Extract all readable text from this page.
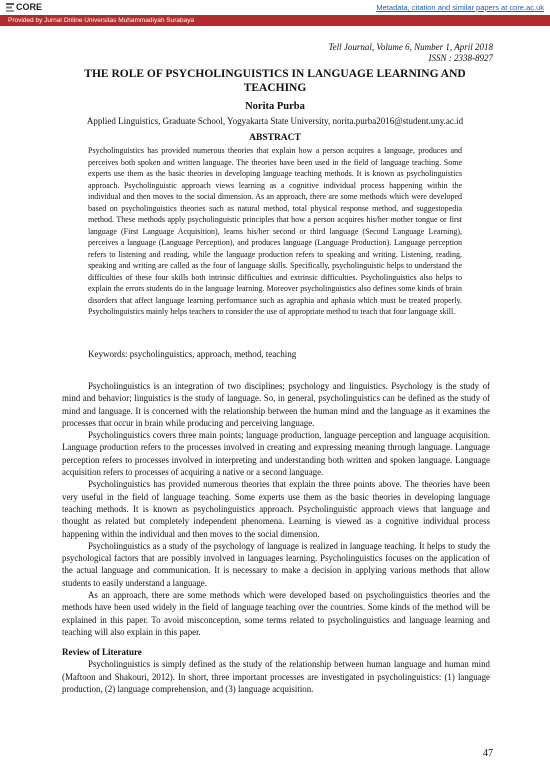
CORE	Metadata, citation and similar papers at core.ac.uk
Provided by Jurnal Online Universitas Muhammadiyah Surabaya
Tell Journal, Volume 6, Number 1, April 2018
ISSN : 2338-8927
THE ROLE OF PSYCHOLINGUISTICS IN LANGUAGE LEARNING AND TEACHING
Norita Purba
Applied Linguistics, Graduate School, Yogyakarta State University, norita.purba2016@student.uny.ac.id
ABSTRACT

Psycholinguistics has provided numerous theories that explain how a person acquires a language, produces and perceives both spoken and written language. The theories have been used in the field of language teaching. Some experts use them as the basic theories in developing language teaching methods. It is known as psycholinguistics approach. Psycholinguistic approach views learning as a cognitive individual process happening within the individual and then moves to the social dimension. As an approach, there are some methods which were developed based on psycholinguistics theories such as natural method, total physical response method, and suggestopedia method. These methods apply psycholinguistic principles that how a person acquires his/her mother tongue or first language (First Language Acquisition), learns his/her second or third language (Second Language Learning), perceives a language (Language Perception), and produces language (Language Production). Language perception refers to listening and reading, while the language production refers to speaking and writing. Listening, reading, speaking and writing are called as the four of language skills. Specifically, psycholinguistic helps to understand the difficulties of these four skills both intrinsic difficulties and extrinsic difficulties. Psycholinguistics also helps to explain the errors students do in the language learning. Moreover psycholinguistics also defines some kinds of brain disorders that affect language learning performance such as agraphia and aphasia which must be treated properly. Psycholinguistics mainly helps teachers to consider the use of appropriate method to teach that four language skill.

Keywords: psycholinguistics, approach, method, teaching

Psycholinguistics is an integration of two disciplines; psychology and linguistics. Psychology is the study of mind and behavior; linguistics is the study of language. So, in general, psycholinguistics can be defined as the study of mind and language. It is concerned with the relationship between the human mind and the language as it examines the processes that occur in brain while producing and perceiving language.

Psycholinguistics covers three main points; language production, language perception and language acquisition. Language production refers to the processes involved in creating and expressing meaning through language. Language perception refers to processes involved in interpreting and understanding both written and spoken language. Language acquisition refers to processes of acquiring a native or a second language.

Psycholinguistics has provided numerous theories that explain the three points above. The theories have been very useful in the field of language teaching. Some experts use them as the basic theories in developing language teaching methods. It is known as psycholinguistics approach. Psycholinguistic approach views that language and thought as related but completely independent phenomena. Learning is viewed as a cognitive individual process happening within the individual and then moves to the social dimension.

Psycholinguistics as a study of the psychology of language is realized in language teaching. It helps to study the psychological factors that are possibly involved in languages learning. Psycholinguistics focuses on the application of the actual language and communication. It is necessary to make a decision in applying various methods that allow students to easily understand a language.

As an approach, there are some methods which were developed based on psycholinguistics theories and the methods have been used widely in the field of language teaching over the countries. Some kinds of the method will be explained in this paper. To avoid misconception, some terms related to psycholinguistics and language learning and teaching will also explain in this paper.

Review of Literature

Psycholinguistics is simply defined as the study of the relationship between human language and human mind (Maftoon and Shakouri, 2012). In short, three important processes are investigated in psycholinguistics: (1) language production, (2) language comprehension, and (3) language acquisition.

47
